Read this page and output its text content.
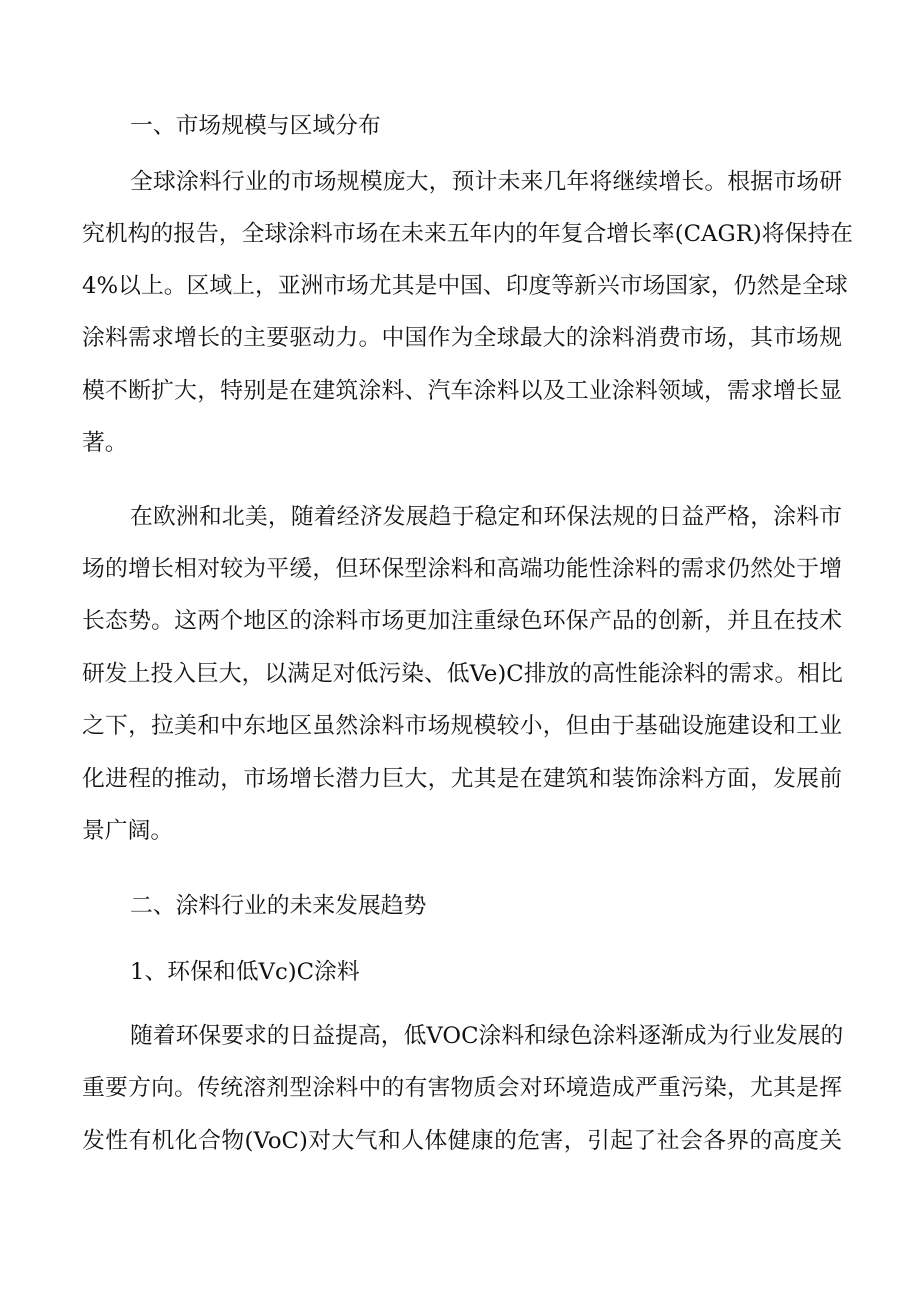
一、市场规模与区域分布
全球涂料行业的市场规模庞大，预计未来几年将继续增长。根据市场研
究机构的报告，全球涂料市场在未来五年内的年复合增长率(CAGR)将保持在
4%以上。区域上，亚洲市场尤其是中国、印度等新兴市场国家，仍然是全球
涂料需求增长的主要驱动力。中国作为全球最大的涂料消费市场，其市场规
模不断扩大，特别是在建筑涂料、汽车涂料以及工业涂料领域，需求增长显
著。
在欧洲和北美，随着经济发展趋于稳定和环保法规的日益严格，涂料市
场的增长相对较为平缓，但环保型涂料和高端功能性涂料的需求仍然处于增
长态势。这两个地区的涂料市场更加注重绿色环保产品的创新，并且在技术
研发上投入巨大，以满足对低污染、低Ve)C排放的高性能涂料的需求。相比
之下，拉美和中东地区虽然涂料市场规模较小，但由于基础设施建设和工业
化进程的推动，市场增长潜力巨大，尤其是在建筑和装饰涂料方面，发展前
景广阔。
二、涂料行业的未来发展趋势
1、环保和低Vc)C涂料
随着环保要求的日益提高，低VOC涂料和绿色涂料逐渐成为行业发展的
重要方向。传统溶剂型涂料中的有害物质会对环境造成严重污染，尤其是挥
发性有机化合物(VoC)对大气和人体健康的危害，引起了社会各界的高度关
